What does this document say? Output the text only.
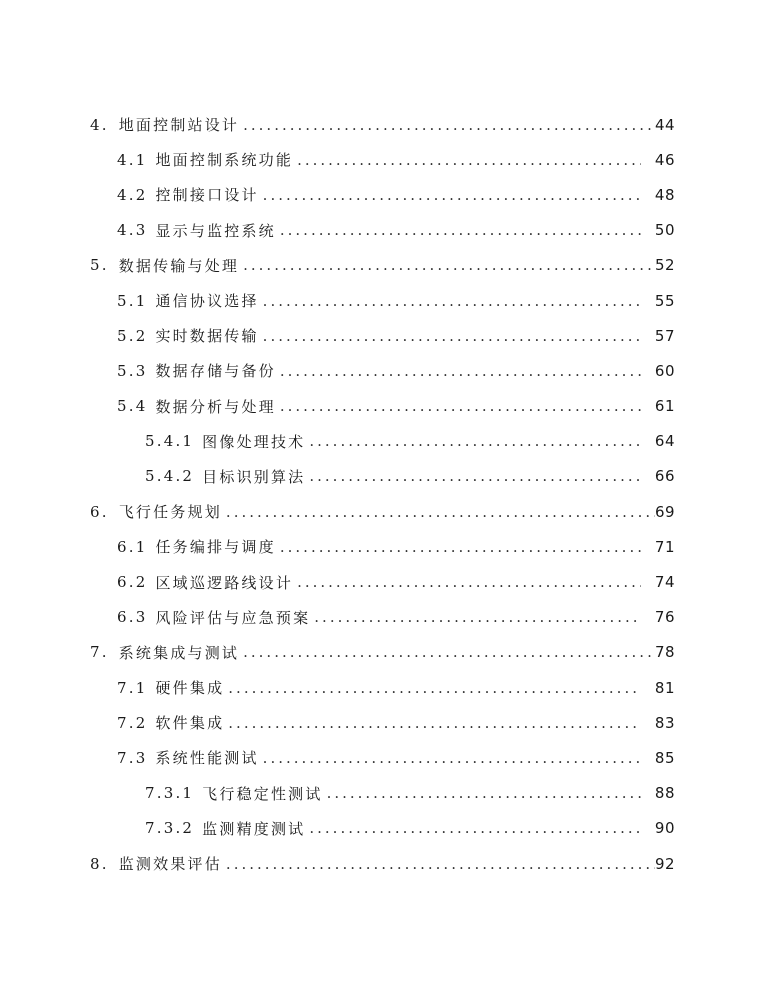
4. 地面控制站设计 .....	44
4.1 地面控制系统功能 .....	46
4.2 控制接口设计 .....	48
4.3 显示与监控系统 .....	50
5. 数据传输与处理 .....	52
5.1 通信协议选择 .....	55
5.2 实时数据传输 .....	57
5.3 数据存储与备份 .....	60
5.4 数据分析与处理 .....	61
5.4.1 图像处理技术 .....	64
5.4.2 目标识别算法 .....	66
6. 飞行任务规划 .....	69
6.1 任务编排与调度 .....	71
6.2 区域巡逻路线设计 .....	74
6.3 风险评估与应急预案 .....	76
7. 系统集成与测试 .....	78
7.1 硬件集成 .....	81
7.2 软件集成 .....	83
7.3 系统性能测试 .....	85
7.3.1 飞行稳定性测试 .....	88
7.3.2 监测精度测试 .....	90
8. 监测效果评估 .....	92
